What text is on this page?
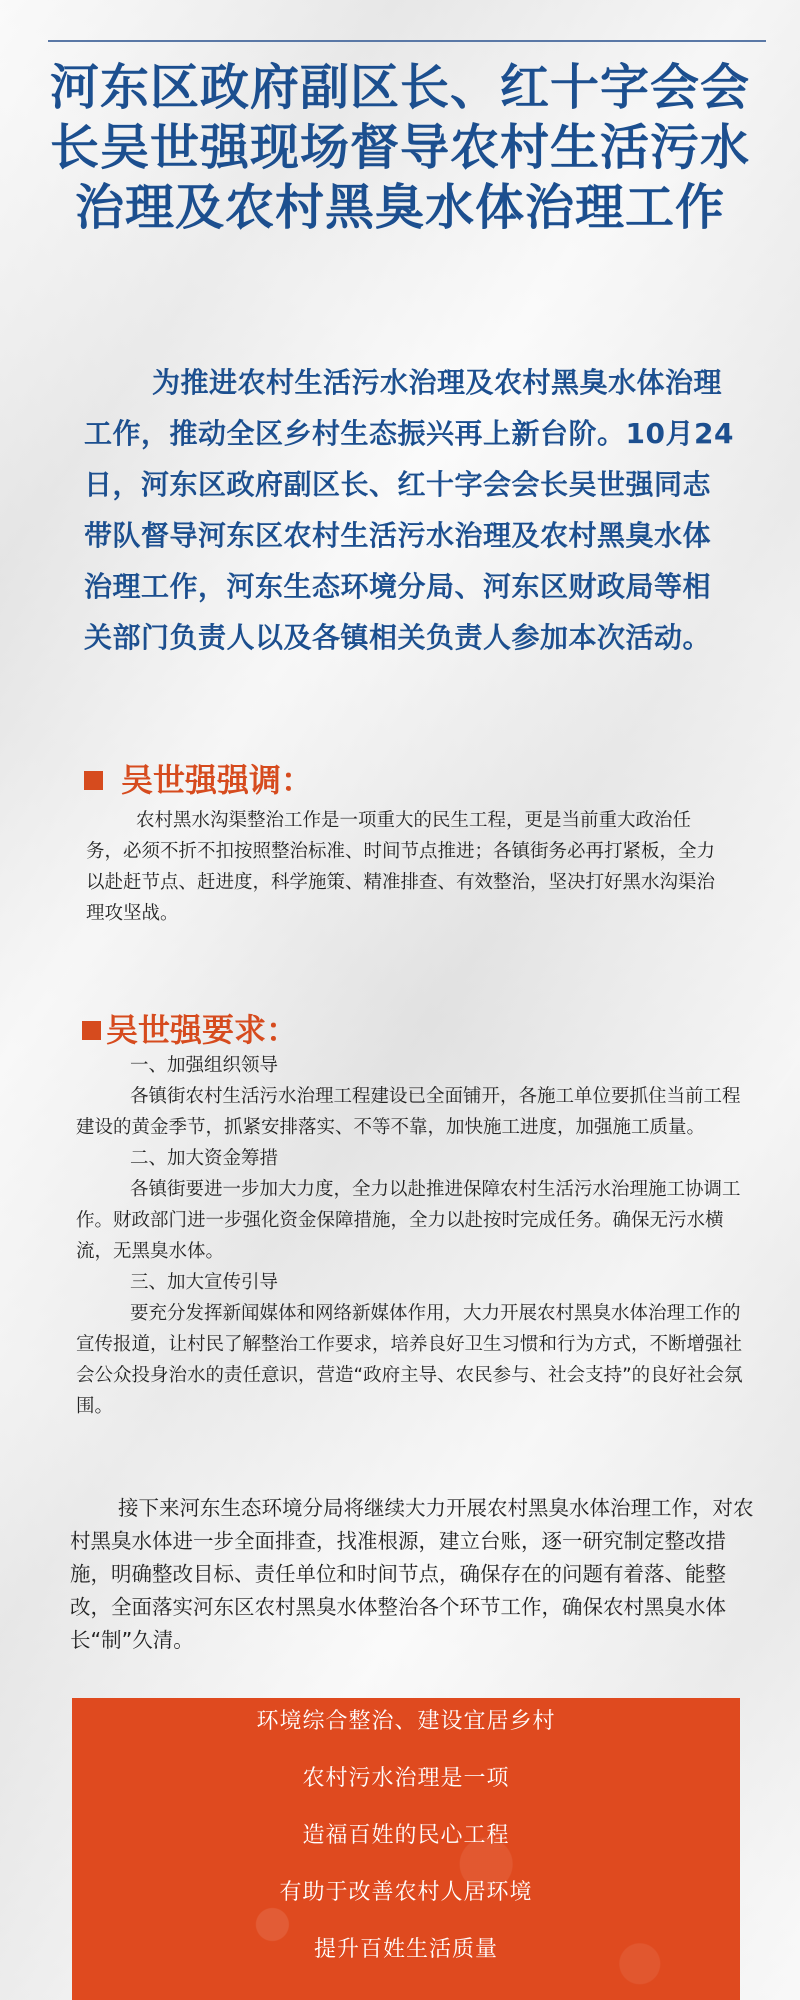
河东区政府副区长、红十字会会长吴世强现场督导农村生活污水治理及农村黑臭水体治理工作

为推进农村生活污水治理及农村黑臭水体治理工作，推动全区乡村生态振兴再上新台阶。10月24日，河东区政府副区长、红十字会会长吴世强同志带队督导河东区农村生活污水治理及农村黑臭水体治理工作，河东生态环境分局、河东区财政局等相关部门负责人以及各镇相关负责人参加本次活动。

吴世强强调：

农村黑水沟渠整治工作是一项重大的民生工程，更是当前重大政治任务，必须不折不扣按照整治标准、时间节点推进；各镇街务必再打紧板，全力以赴赶节点、赶进度，科学施策、精准排查、有效整治，坚决打好黑水沟渠治理攻坚战。

吴世强要求：

一、加强组织领导

各镇街农村生活污水治理工程建设已全面铺开，各施工单位要抓住当前工程建设的黄金季节，抓紧安排落实、不等不靠，加快施工进度，加强施工质量。

二、加大资金筹措

各镇街要进一步加大力度，全力以赴推进保障农村生活污水治理施工协调工作。财政部门进一步强化资金保障措施，全力以赴按时完成任务。确保无污水横流，无黑臭水体。

三、加大宣传引导

要充分发挥新闻媒体和网络新媒体作用，大力开展农村黑臭水体治理工作的宣传报道，让村民了解整治工作要求，培养良好卫生习惯和行为方式，不断增强社会公众投身治水的责任意识，营造“政府主导、农民参与、社会支持”的良好社会氛围。

接下来河东生态环境分局将继续大力开展农村黑臭水体治理工作，对农村黑臭水体进一步全面排查，找准根源，建立台账，逐一研究制定整改措施，明确整改目标、责任单位和时间节点，确保存在的问题有着落、能整改，全面落实河东区农村黑臭水体整治各个环节工作，确保农村黑臭水体长“制”久清。

环境综合整治、建设宜居乡村
农村污水治理是一项
造福百姓的民心工程
有助于改善农村人居环境
提升百姓生活质量
